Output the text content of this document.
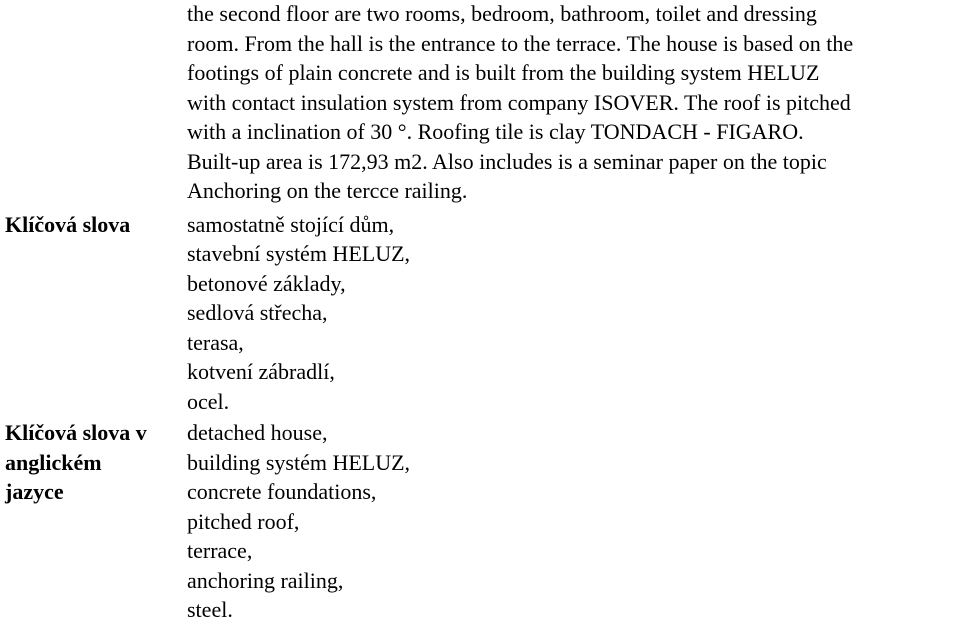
the second floor are two rooms, bedroom, bathroom, toilet and dressing
room. From the hall is the entrance to the terrace. The house is based on the
footings of plain concrete and is built from the building system HELUZ
with contact insulation system from company ISOVER. The roof is pitched
with a inclination of 30 °. Roofing tile is clay TONDACH - FIGARO.
Built-up area is 172,93 m2. Also includes is a seminar paper on the topic
Anchoring on the tercce railing.
Klíčová slova	samostatně stojící dům,
stavební systém HELUZ,
betonové základy,
sedlová střecha,
terasa,
kotvení zábradlí,
ocel.
Klíčová slova v
anglickém
jazyce
detached house,
building systém HELUZ,
concrete foundations,
pitched roof,
terrace,
anchoring railing,
steel.
